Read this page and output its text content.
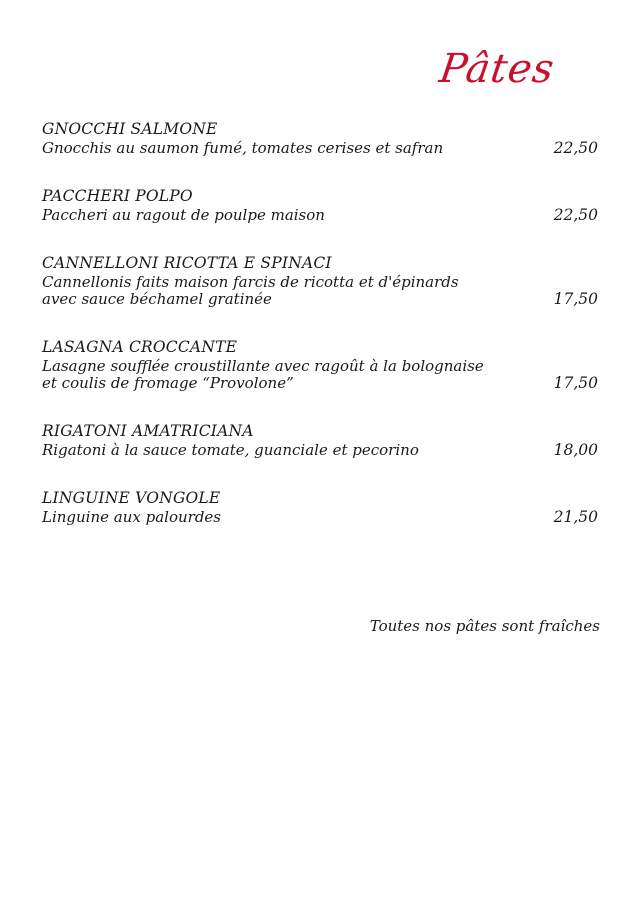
Pâtes
GNOCCHI SALMONE
Gnocchis au saumon fumé, tomates cerises et safran	22,50
PACCHERI POLPO
Paccheri au ragout de poulpe maison	22,50
CANNELLONI RICOTTA E SPINACI
Cannellonis faits maison farcis de ricotta et d'épinards
avec sauce béchamel gratinée	17,50
LASAGNA CROCCANTE
Lasagne soufflée croustillante avec ragoût à la bolognaise
et coulis de fromage “Provolone”	17,50
RIGATONI AMATRICIANA
Rigatoni à la sauce tomate, guanciale et pecorino	18,00
LINGUINE VONGOLE
Linguine aux palourdes	21,50
Toutes nos pâtes sont fraîches
